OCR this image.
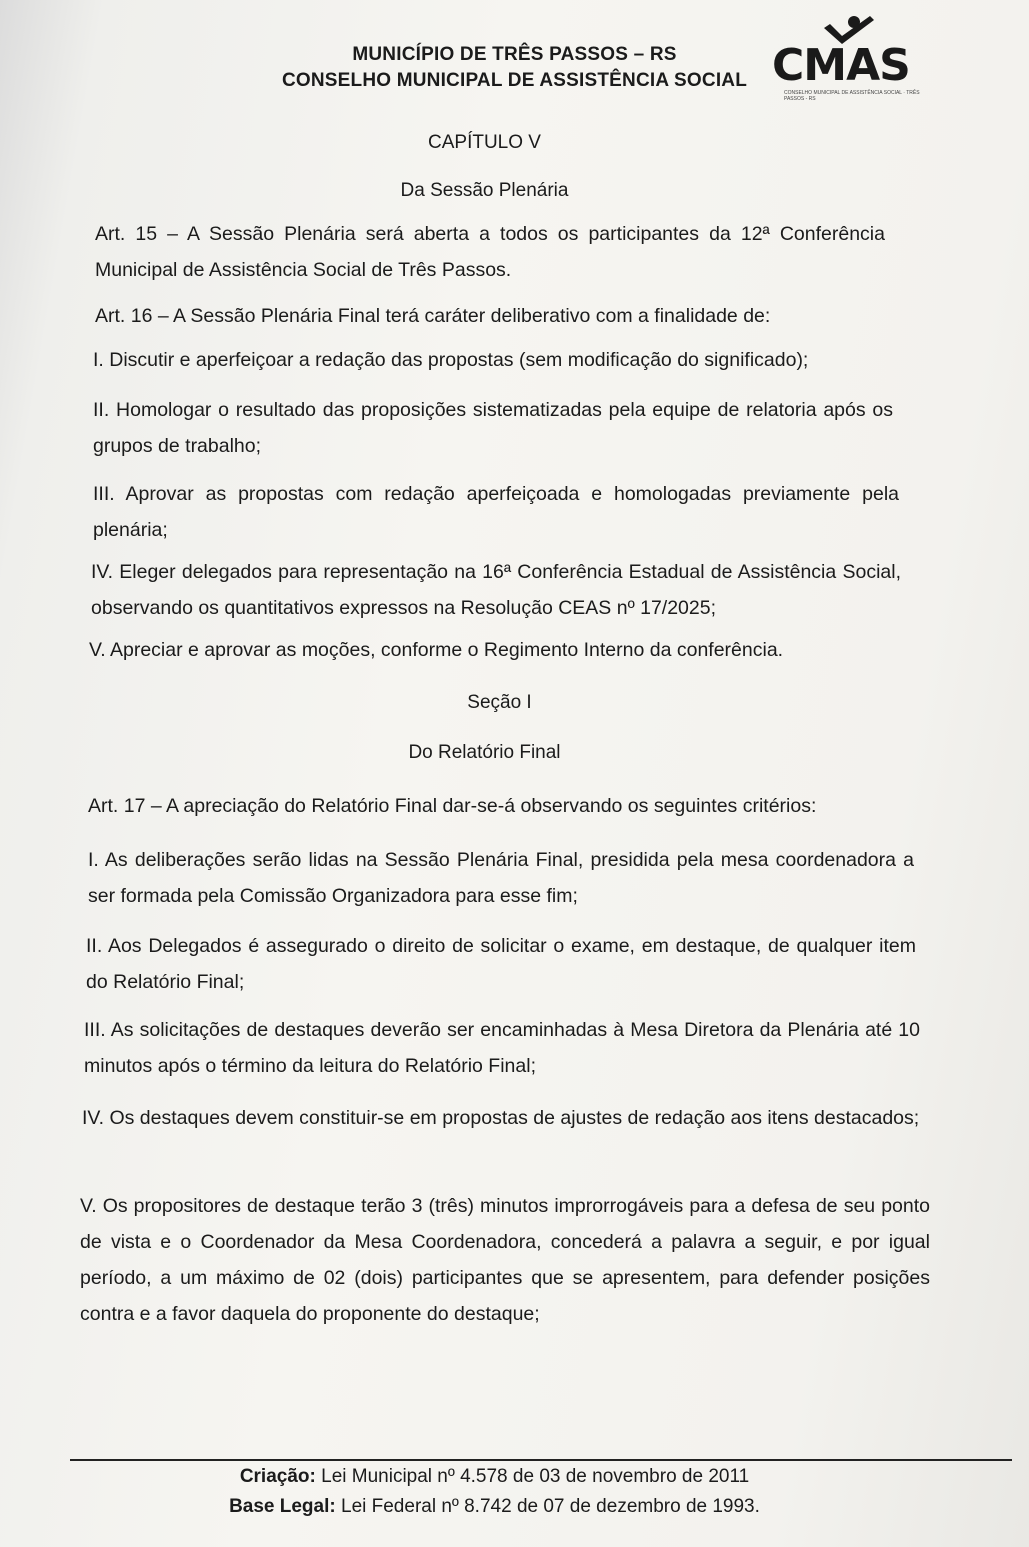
MUNICÍPIO DE TRÊS PASSOS – RS
CONSELHO MUNICIPAL DE ASSISTÊNCIA SOCIAL CMAS
CONSELHO MUNICIPAL DE ASSISTÊNCIA SOCIAL · TRÊS PASSOS - RS
CAPÍTULO V
Da Sessão Plenária
Art. 15 – A Sessão Plenária será aberta a todos os participantes da 12ª Conferência Municipal de Assistência Social de Três Passos.
Art. 16 – A Sessão Plenária Final terá caráter deliberativo com a finalidade de:
I. Discutir e aperfeiçoar a redação das propostas (sem modificação do significado);
II. Homologar o resultado das proposições sistematizadas pela equipe de relatoria após os grupos de trabalho;
III. Aprovar as propostas com redação aperfeiçoada e homologadas previamente pela plenária;
IV. Eleger delegados para representação na 16ª Conferência Estadual de Assistência Social, observando os quantitativos expressos na Resolução CEAS nº 17/2025;
V. Apreciar e aprovar as moções, conforme o Regimento Interno da conferência.
Seção I
Do Relatório Final
Art. 17 – A apreciação do Relatório Final dar-se-á observando os seguintes critérios:
I. As deliberações serão lidas na Sessão Plenária Final, presidida pela mesa coordenadora a ser formada pela Comissão Organizadora para esse fim;
II. Aos Delegados é assegurado o direito de solicitar o exame, em destaque, de qualquer item do Relatório Final;
III. As solicitações de destaques deverão ser encaminhadas à Mesa Diretora da Plenária até 10 minutos após o término da leitura do Relatório Final;
IV. Os destaques devem constituir-se em propostas de ajustes de redação aos itens destacados;
V. Os propositores de destaque terão 3 (três) minutos improrrogáveis para a defesa de seu ponto de vista e o Coordenador da Mesa Coordenadora, concederá a palavra a seguir, e por igual período, a um máximo de 02 (dois) participantes que se apresentem, para defender posições contra e a favor daquela do proponente do destaque;
Criação: Lei Municipal nº 4.578 de 03 de novembro de 2011
Base Legal: Lei Federal nº 8.742 de 07 de dezembro de 1993.
